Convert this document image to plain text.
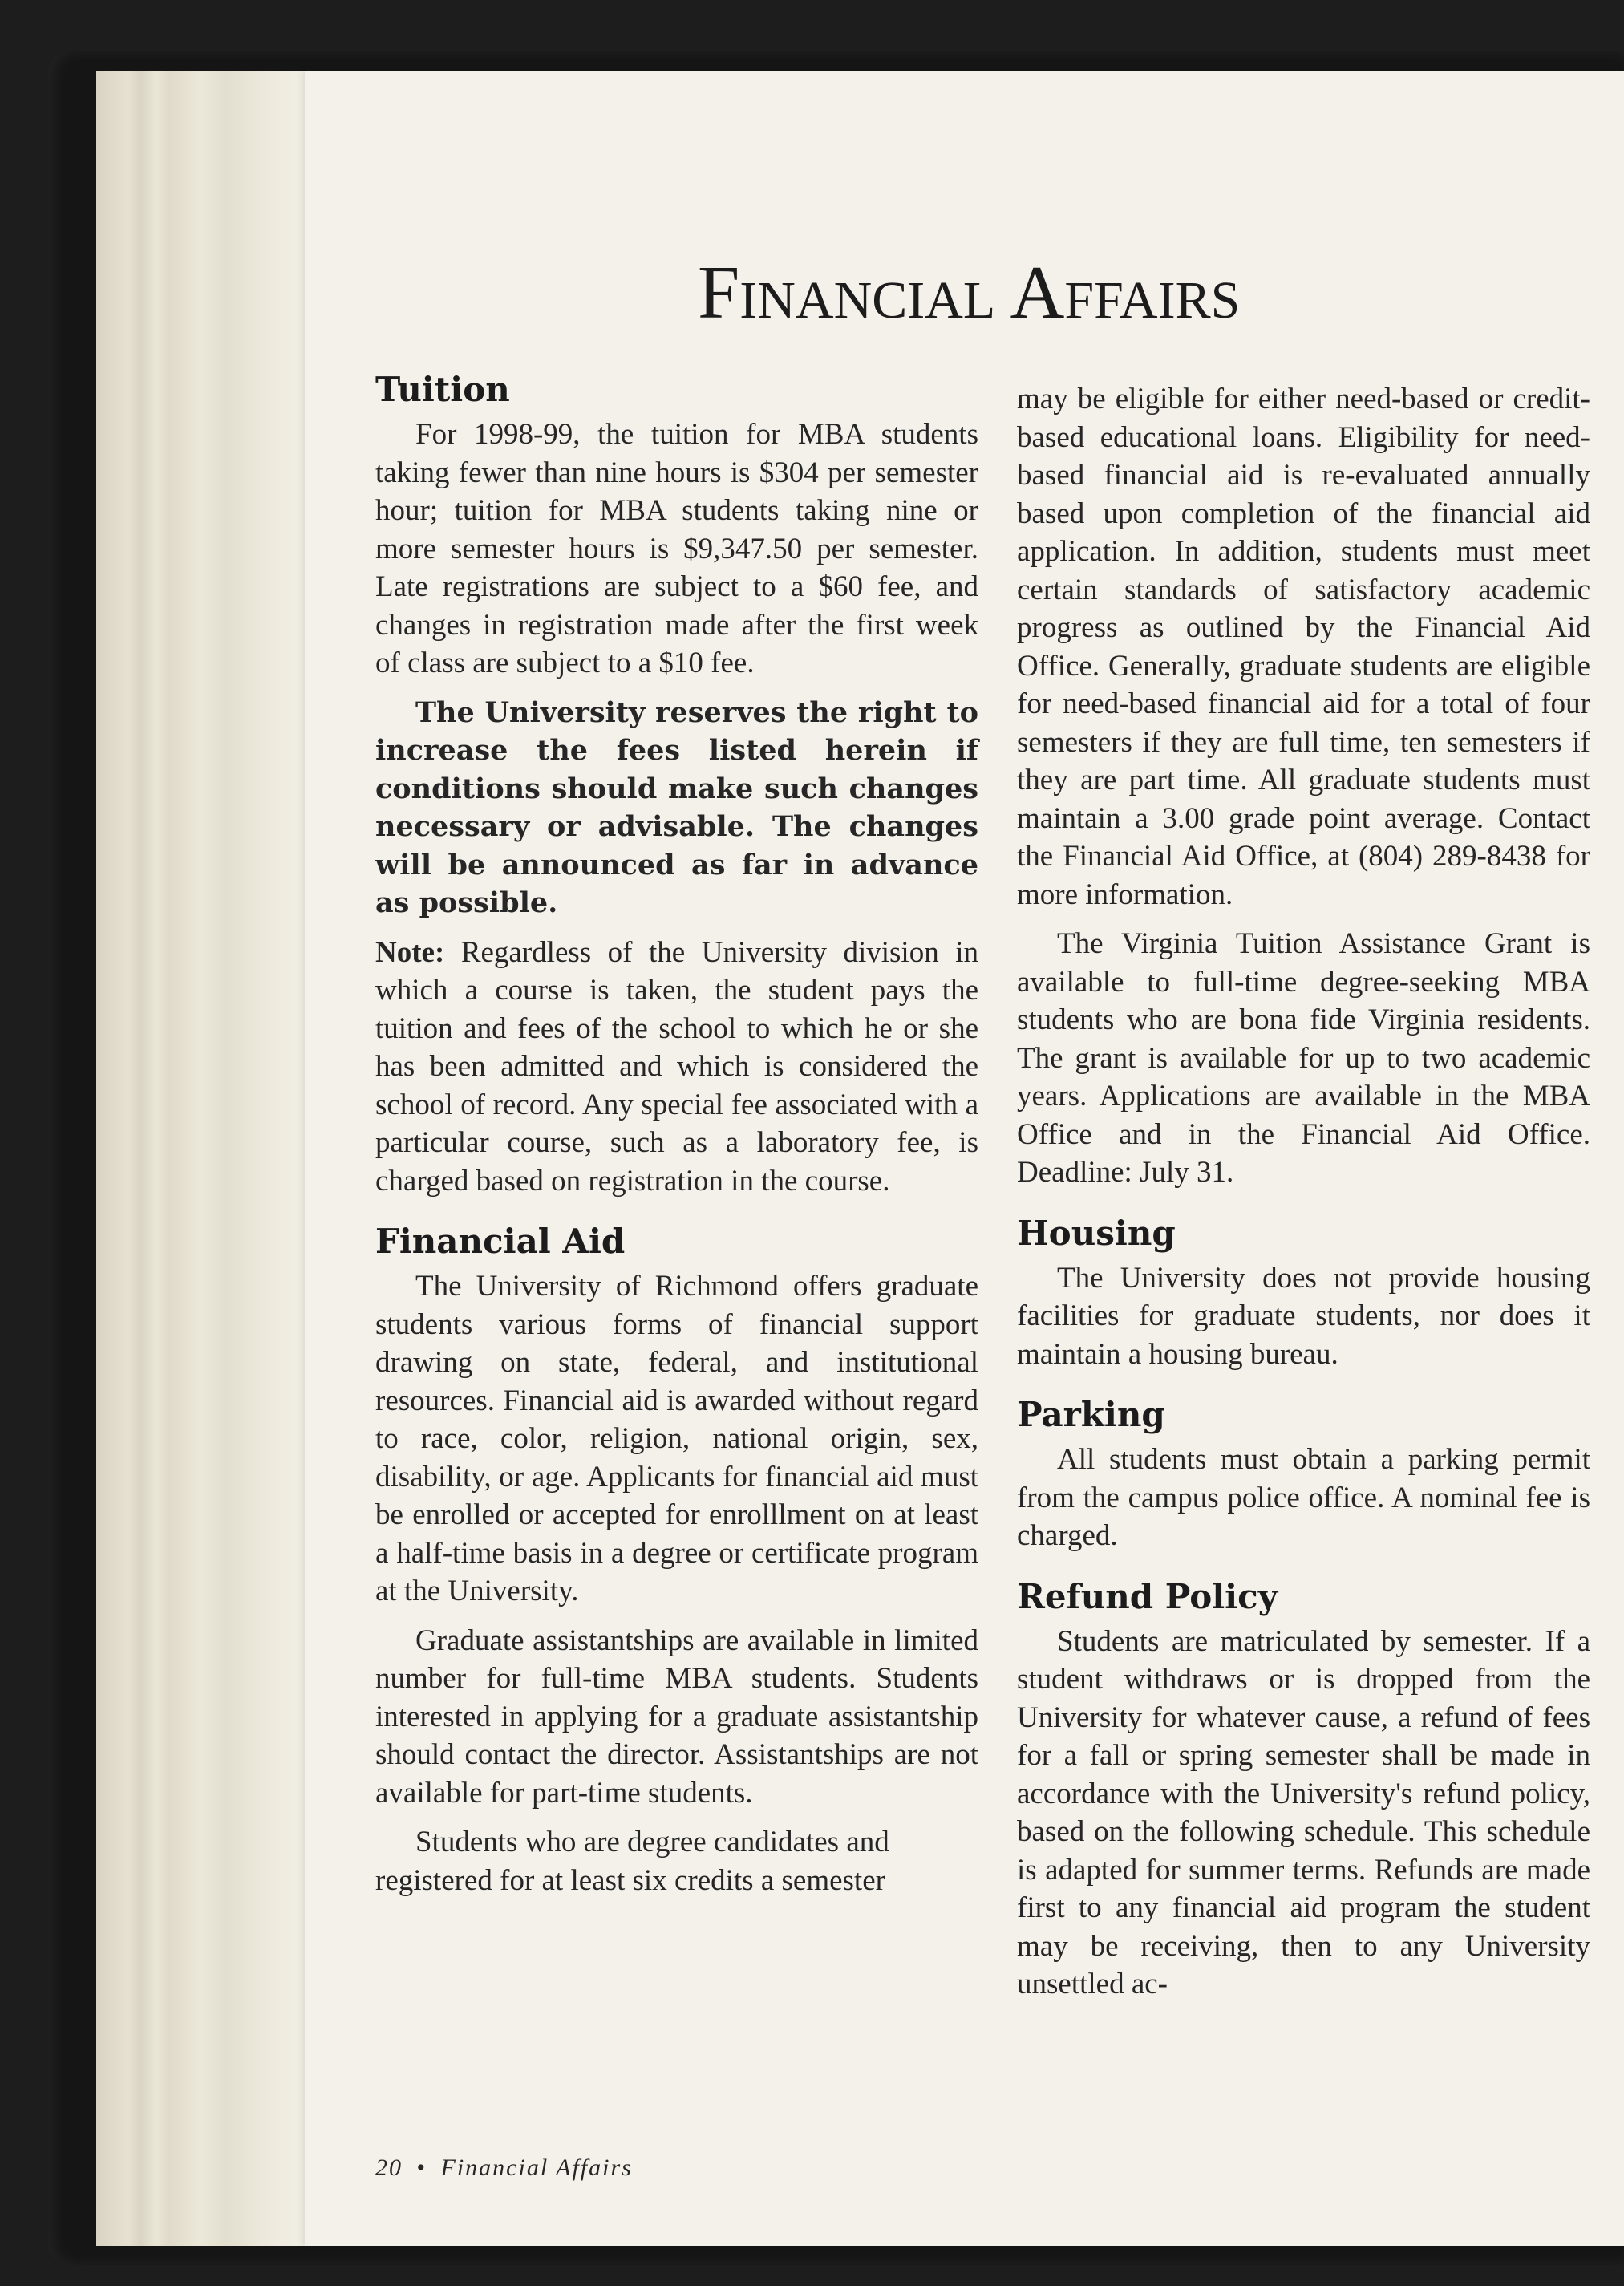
Financial Affairs
Tuition

For 1998-99, the tuition for MBA students taking fewer than nine hours is $304 per semester hour; tuition for MBA students taking nine or more semester hours is $9,347.50 per semester. Late registrations are subject to a $60 fee, and changes in registration made after the first week of class are subject to a $10 fee.

The University reserves the right to increase the fees listed herein if conditions should make such changes necessary or advisable. The changes will be announced as far in advance as possible.

Note: Regardless of the University division in which a course is taken, the student pays the tuition and fees of the school to which he or she has been admitted and which is considered the school of record. Any special fee associated with a particular course, such as a laboratory fee, is charged based on registration in the course.

Financial Aid

The University of Richmond offers graduate students various forms of financial support drawing on state, federal, and institutional resources. Financial aid is awarded without regard to race, color, religion, national origin, sex, disability, or age. Applicants for financial aid must be enrolled or accepted for enrolllment on at least a half-time basis in a degree or certificate program at the University.

Graduate assistantships are available in limited number for full-time MBA students. Students interested in applying for a graduate assistantship should contact the director. Assistantships are not available for part-time students.

Students who are degree candidates and registered for at least six credits a semester

may be eligible for either need-based or credit-based educational loans. Eligibility for need-based financial aid is re-evaluated annually based upon completion of the financial aid application. In addition, students must meet certain standards of satisfactory academic progress as outlined by the Financial Aid Office. Generally, graduate students are eligible for need-based financial aid for a total of four semesters if they are full time, ten semesters if they are part time. All graduate students must maintain a 3.00 grade point average. Contact the Financial Aid Office, at (804) 289-8438 for more information.

The Virginia Tuition Assistance Grant is available to full-time degree-seeking MBA students who are bona fide Virginia residents. The grant is available for up to two academic years. Applications are available in the MBA Office and in the Financial Aid Office. Deadline: July 31.

Housing

The University does not provide housing facilities for graduate students, nor does it maintain a housing bureau.

Parking

All students must obtain a parking permit from the campus police office. A nominal fee is charged.

Refund Policy

Students are matriculated by semester. If a student withdraws or is dropped from the University for whatever cause, a refund of fees for a fall or spring semester shall be made in accordance with the University's refund policy, based on the following schedule. This schedule is adapted for summer terms. Refunds are made first to any financial aid program the student may be receiving, then to any University unsettled ac-

20 • Financial Affairs
